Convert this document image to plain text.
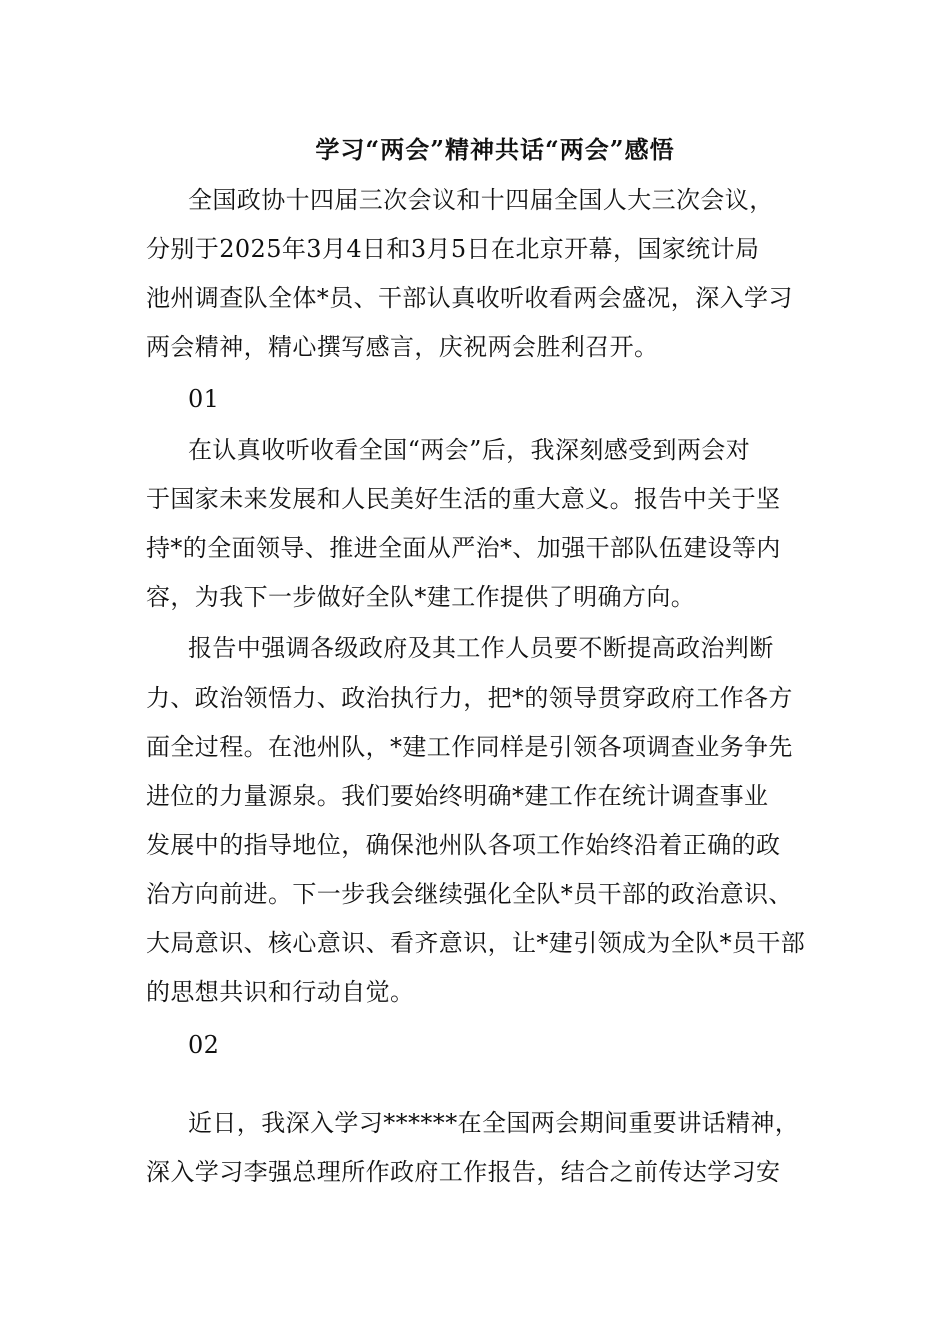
学习“两会”精神共话“两会”感悟
全国政协十四届三次会议和十四届全国人大三次会议，
分别于2025年3月4日和3月5日在北京开幕，国家统计局
池州调查队全体*员、干部认真收听收看两会盛况，深入学习
两会精神，精心撰写感言，庆祝两会胜利召开。
01
在认真收听收看全国“两会”后，我深刻感受到两会对
于国家未来发展和人民美好生活的重大意义。报告中关于坚
持*的全面领导、推进全面从严治*、加强干部队伍建设等内
容，为我下一步做好全队*建工作提供了明确方向。
报告中强调各级政府及其工作人员要不断提高政治判断
力、政治领悟力、政治执行力，把*的领导贯穿政府工作各方
面全过程。在池州队，*建工作同样是引领各项调查业务争先
进位的力量源泉。我们要始终明确*建工作在统计调查事业
发展中的指导地位，确保池州队各项工作始终沿着正确的政
治方向前进。下一步我会继续强化全队*员干部的政治意识、
大局意识、核心意识、看齐意识，让*建引领成为全队*员干部
的思想共识和行动自觉。
02
近日，我深入学习******在全国两会期间重要讲话精神，
深入学习李强总理所作政府工作报告，结合之前传达学习安
